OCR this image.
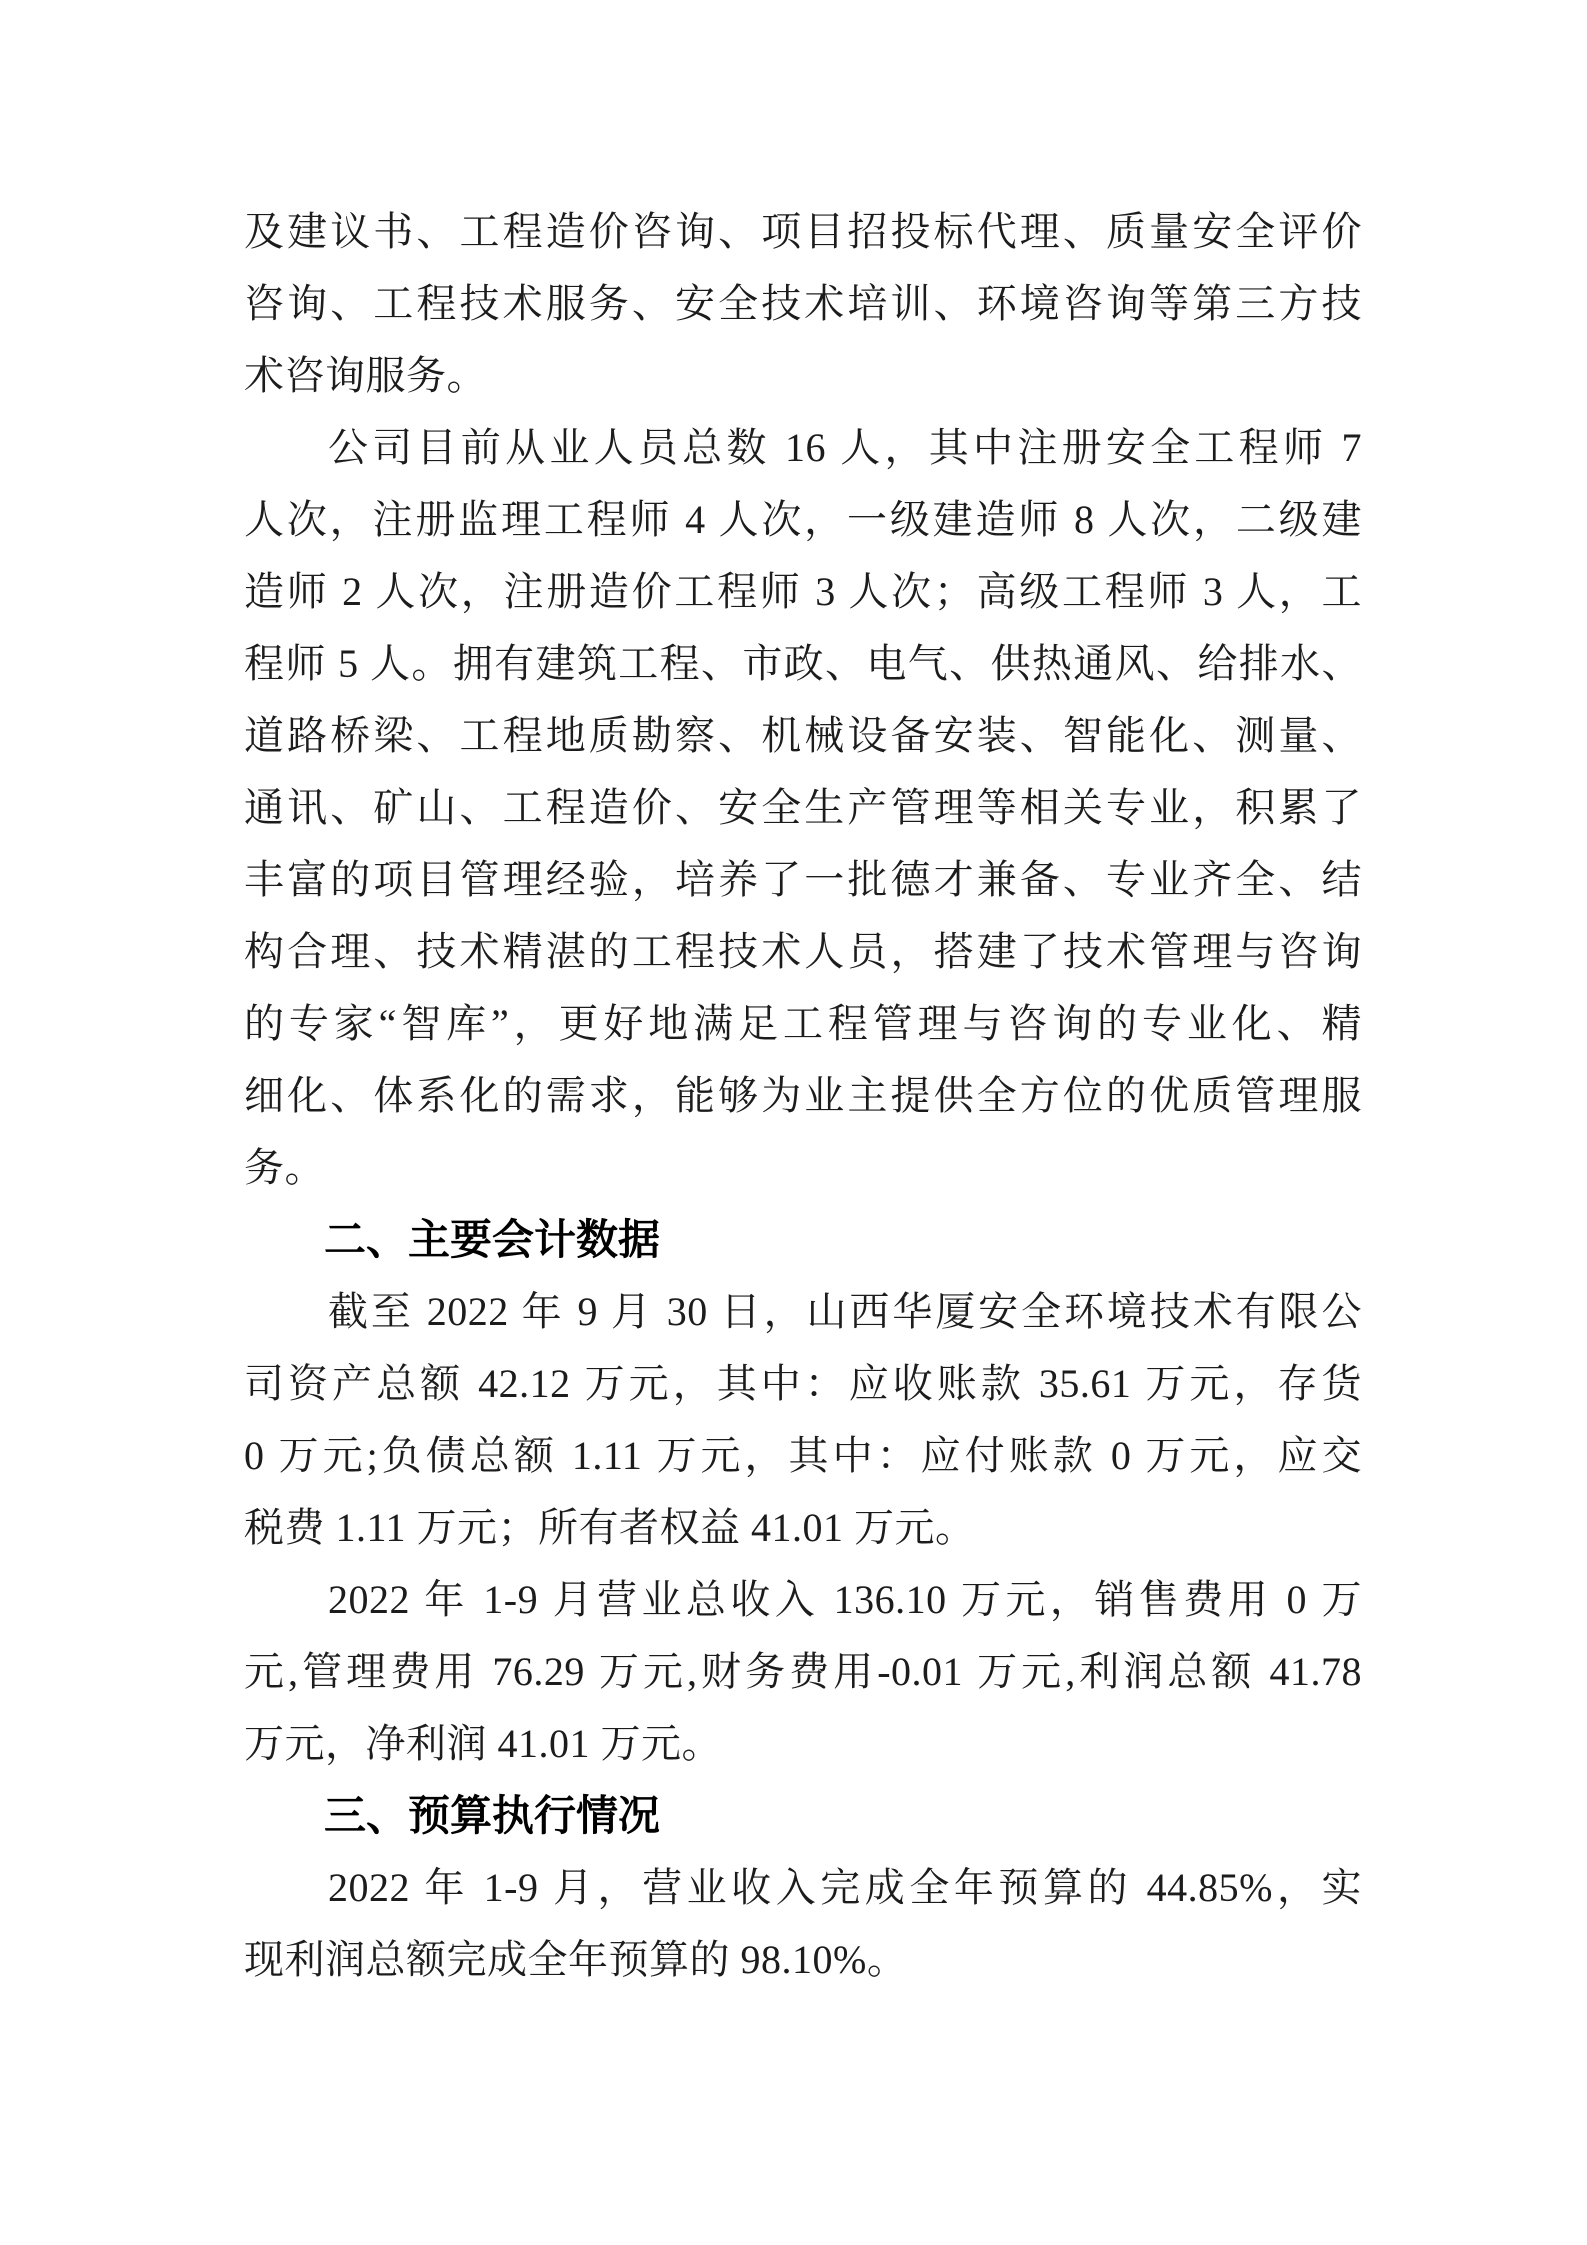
及建议书、工程造价咨询、项目招投标代理、质量安全评价
咨询、工程技术服务、安全技术培训、环境咨询等第三方技
术咨询服务。
公司目前从业人员总数 16 人，其中注册安全工程师 7
人次，注册监理工程师 4 人次，一级建造师 8 人次，二级建
造师 2 人次，注册造价工程师 3 人次；高级工程师 3 人，工
程师 5 人。拥有建筑工程、市政、电气、供热通风、给排水、
道路桥梁、工程地质勘察、机械设备安装、智能化、测量、
通讯、矿山、工程造价、安全生产管理等相关专业，积累了
丰富的项目管理经验，培养了一批德才兼备、专业齐全、结
构合理、技术精湛的工程技术人员，搭建了技术管理与咨询
的专家“智库”，更好地满足工程管理与咨询的专业化、精
细化、体系化的需求，能够为业主提供全方位的优质管理服
务。
二、主要会计数据
截至 2022 年 9 月 30 日，山西华厦安全环境技术有限公
司资产总额 42.12 万元，其中：应收账款 35.61 万元，存货
0 万元;负债总额 1.11 万元，其中：应付账款 0 万元，应交
税费 1.11 万元；所有者权益 41.01 万元。
2022 年 1-9 月营业总收入 136.10 万元，销售费用 0 万
元,管理费用 76.29 万元,财务费用-0.01 万元,利润总额 41.78
万元，净利润 41.01 万元。
三、预算执行情况
2022 年 1-9 月，营业收入完成全年预算的 44.85%，实
现利润总额完成全年预算的 98.10%。
